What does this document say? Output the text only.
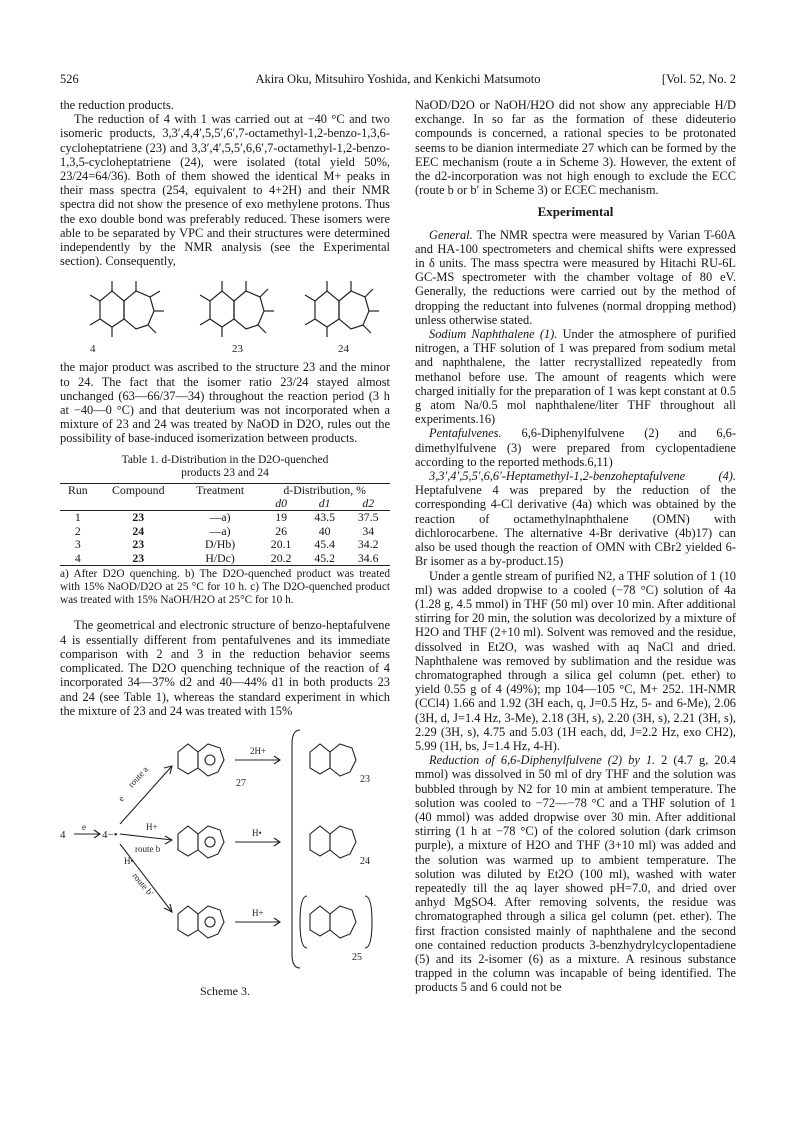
526	Akira Oku, Mitsuhiro Yoshida, and Kenkichi Matsumoto	[Vol. 52, No. 2

the reduction products.

The reduction of 4 with 1 was carried out at −40 °C and two isomeric products, 3,3′,4,4′,5,5′,6′,7-octamethyl-1,2-benzo-1,3,6-cycloheptatriene (23) and 3,3′,4′,5,5′,6,6′,7-octamethyl-1,2-benzo-1,3,5-cycloheptatriene (24), were isolated (total yield 50%, 23/24=64/36). Both of them showed the identical M+ peaks in their mass spectra (254, equivalent to 4+2H) and their NMR spectra did not show the presence of exo methylene protons. Thus the exo double bond was preferably reduced. These isomers were able to be separated by VPC and their structures were determined independently by the NMR analysis (see the Experimental section). Consequently,

4	23	24

the major product was ascribed to the structure 23 and the minor to 24. The fact that the isomer ratio 23/24 stayed almost unchanged (63—66/37—34) throughout the reaction period (3 h at −40—0 °C) and that deuterium was not incorporated when a mixture of 23 and 24 was treated by NaOD in D2O, rules out the possibility of base-induced isomerization between products.

Table 1. d-Distribution in the D2O-quenched
products 23 and 24
Run	Compound	Treatment	d-Distribution, %		
			d0	d1	d2
1	23	—a)	19	43.5	37.5
2	24	—a)	26	40	34
3	23	D/Hb)	20.1	45.4	34.2
4	23	H/Dc)	20.2	45.2	34.6
a) After D2O quenching. b) The D2O-quenched product was treated with 15% NaOD/D2O at 25 °C for 10 h. c) The D2O-quenched product was treated with 15% NaOH/H2O at 25°C for 10 h.

The geometrical and electronic structure of benzo-heptafulvene 4 is essentially different from pentafulvenes and its immediate comparison with 2 and 3 in the reduction behavior seems complicated. The D2O quenching technique of the reaction of 4 incorporated 34—37% d2 and 40—44% d1 in both products 23 and 24 (see Table 1), whereas the standard experiment in which the mixture of 23 and 24 was treated with 15%

4
e
4−•
route a
e
route b
H+
route b′
H•
2H+
H•
H+
27	23
24
25
Scheme 3.

NaOD/D2O or NaOH/H2O did not show any appreciable H/D exchange. In so far as the formation of these dideuterio compounds is concerned, a rational species to be protonated seems to be dianion intermediate 27 which can be formed by the EEC mechanism (route a in Scheme 3). However, the extent of the d2-incorporation was not high enough to exclude the ECC (route b or b′ in Scheme 3) or ECEC mechanism.

Experimental

General. The NMR spectra were measured by Varian T-60A and HA-100 spectrometers and chemical shifts were expressed in δ units. The mass spectra were measured by Hitachi RU-6L GC-MS spectrometer with the chamber voltage of 80 eV. Generally, the reductions were carried out by the method of dropping the reductant into fulvenes (normal dropping method) unless otherwise stated.

Sodium Naphthalene (1). Under the atmosphere of purified nitrogen, a THF solution of 1 was prepared from sodium metal and naphthalene, the latter recrystallized repeatedly from methanol before use. The amount of reagents which were charged initially for the preparation of 1 was kept constant at 0.5 g atom Na/0.5 mol naphthalene/liter THF throughout all experiments.16)

Pentafulvenes. 6,6-Diphenylfulvene (2) and 6,6-dimethylfulvene (3) were prepared from cyclopentadiene according to the reported methods.6,11)

3,3′,4′,5,5′,6,6′-Heptamethyl-1,2-benzoheptafulvene (4). Heptafulvene 4 was prepared by the reduction of the corresponding 4-Cl derivative (4a) which was obtained by the reaction of octamethylnaphthalene (OMN) with dichlorocarbene. The alternative 4-Br derivative (4b)17) can also be used though the reaction of OMN with CBr2 yielded 6-Br isomer as a by-product.15)

Under a gentle stream of purified N2, a THF solution of 1 (10 ml) was added dropwise to a cooled (−78 °C) solution of 4a (1.28 g, 4.5 mmol) in THF (50 ml) over 10 min. After additional stirring for 20 min, the solution was decolorized by a mixture of H2O and THF (2+10 ml). Solvent was removed and the residue, dissolved in Et2O, was washed with aq NaCl and dried. Naphthalene was removed by sublimation and the residue was chromatographed through a silica gel column (pet. ether) to yield 0.55 g of 4 (49%); mp 104—105 °C, M+ 252. 1H-NMR (CCl4) 1.66 and 1.92 (3H each, q, J=0.5 Hz, 5- and 6-Me), 2.06 (3H, d, J=1.4 Hz, 3-Me), 2.18 (3H, s), 2.20 (3H, s), 2.21 (3H, s), 2.29 (3H, s), 4.75 and 5.03 (1H each, dd, J=2.2 Hz, exo CH2), 5.99 (1H, bs, J=1.4 Hz, 4-H).

Reduction of 6,6-Diphenylfulvene (2) by 1. 2 (4.7 g, 20.4 mmol) was dissolved in 50 ml of dry THF and the solution was bubbled through by N2 for 10 min at ambient temperature. The solution was cooled to −72—−78 °C and a THF solution of 1 (40 mmol) was added dropwise over 30 min. After additional stirring (1 h at −78 °C) of the colored solution (dark crimson purple), a mixture of H2O and THF (3+10 ml) was added and the solution was warmed up to ambient temperature. The solution was diluted by Et2O (100 ml), washed with water repeatedly till the aq layer showed pH=7.0, and dried over anhyd MgSO4. After removing solvents, the residue was chromatographed through a silica gel column (pet. ether). The first fraction consisted mainly of naphthalene and the second one contained reduction products 3-benzhydrylcyclopentadiene (5) and its 2-isomer (6) as a mixture. A resinous substance trapped in the column was incapable of being identified. The products 5 and 6 could not be
